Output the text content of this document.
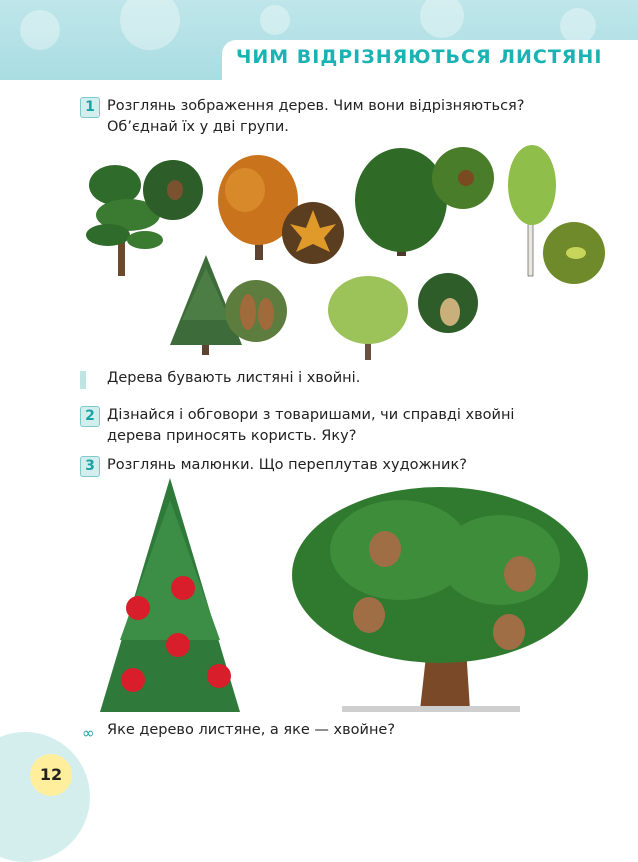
ЧИМ ВІДРІЗНЯЮТЬСЯ ЛИСТЯНІ
1 Розглянь зображення дерев. Чим вони відрізняються?
Об’єднай їх у дві групи.
Дерева бувають листяні і хвойні.
2 Дізнайся і обговори з товаришами, чи справді хвойні
дерева приносять користь. Яку?
3 Розглянь малюнки. Що переплутав художник?
∞ Яке дерево листяне, а яке — хвойне?
12
